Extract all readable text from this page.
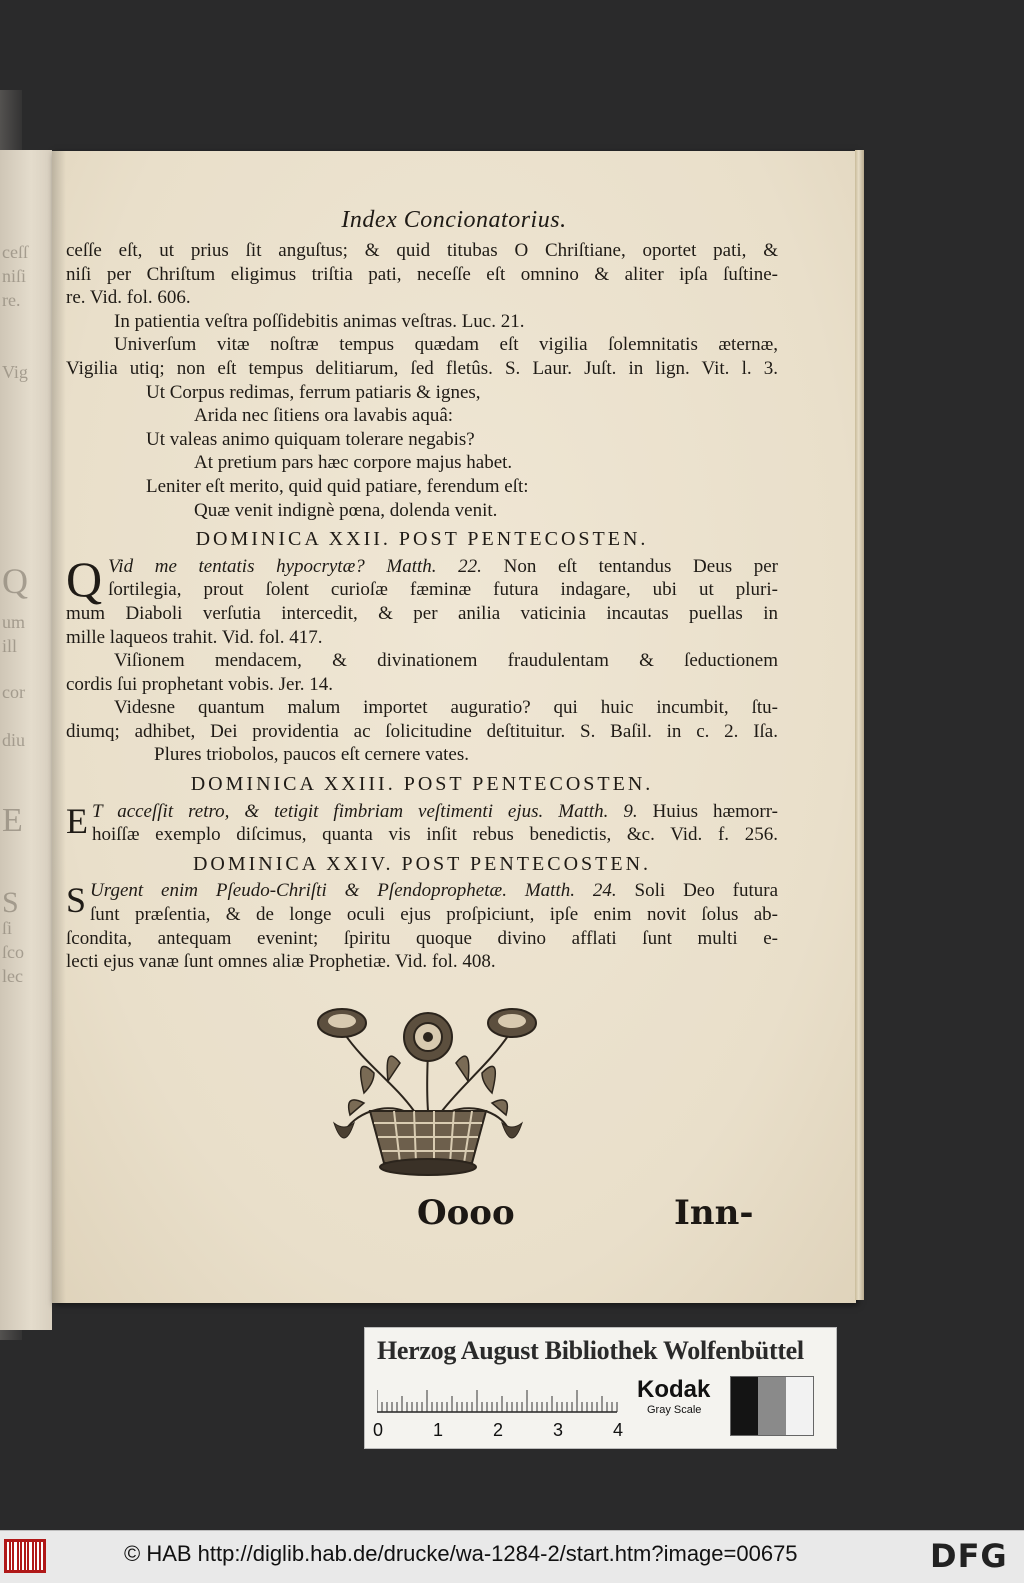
ceſſ
niſi
re.
Vig
Q
um
ill
cor
diu
E
S
ſi
ſco
lec
Index Concionatorius.
ceſſe eſt, ut prius ſit anguſtus; & quid titubas O Chriſtiane, oportet pati, &
niſi per Chriſtum eligimus triſtia pati, neceſſe eſt omnino & aliter ipſa ſuſtine-
re. Vid. fol. 606.
In patientia veſtra poſſidebitis animas veſtras. Luc. 21.
Univerſum vitæ noſtræ tempus quædam eſt vigilia ſolemnitatis æternæ,
Vigilia utiq; non eſt tempus delitiarum, ſed fletûs. S. Laur. Juſt. in lign. Vit. l. 3.
Ut Corpus redimas, ferrum patiaris & ignes,
Arida nec ſitiens ora lavabis aquâ:
Ut valeas animo quiquam tolerare negabis?
At pretium pars hæc corpore majus habet.
Leniter eſt merito, quid quid patiare, ferendum eſt:
Quæ venit indignè pœna, dolenda venit.
DOMINICA XXII. POST PENTECOSTEN.
Q Vid me tentatis hypocrytæ? Matth. 22. Non eſt tentandus Deus per
ſortilegia, prout ſolent curioſæ fæminæ futura indagare, ubi ut pluri-
mum Diaboli verſutia intercedit, & per anilia vaticinia incautas puellas in
mille laqueos trahit. Vid. fol. 417.
Viſionem mendacem, & divinationem fraudulentam & ſeductionem
cordis ſui prophetant vobis. Jer. 14.
Videsne quantum malum importet auguratio? qui huic incumbit, ſtu-
diumq; adhibet, Dei providentia ac ſolicitudine deſtituitur. S. Baſil. in c. 2. Iſa.
Plures triobolos, paucos eſt cernere vates.
DOMINICA XXIII. POST PENTECOSTEN.
E T acceſſit retro, & tetigit fimbriam veſtimenti ejus. Matth. 9. Huius hæmorr-
hoiſſæ exemplo diſcimus, quanta vis inſit rebus benedictis, &c. Vid. f. 256.
DOMINICA XXIV. POST PENTECOSTEN.
S Urgent enim Pſeudo-Chriſti & Pſendoprophetæ. Matth. 24. Soli Deo futura
ſunt præſentia, & de longe oculi ejus proſpiciunt, ipſe enim novit ſolus ab-
ſcondita, antequam evenint; ſpiritu quoque divino afflati ſunt multi e-
lecti ejus vanæ ſunt omnes aliæ Prophetiæ. Vid. fol. 408.
Oooo	Inn-
Herzog August Bibliothek Wolfenbüttel
0	1	2	3	4
Kodak
Gray Scale
© HAB http://diglib.hab.de/drucke/wa-1284-2/start.htm?image=00675	DFG
